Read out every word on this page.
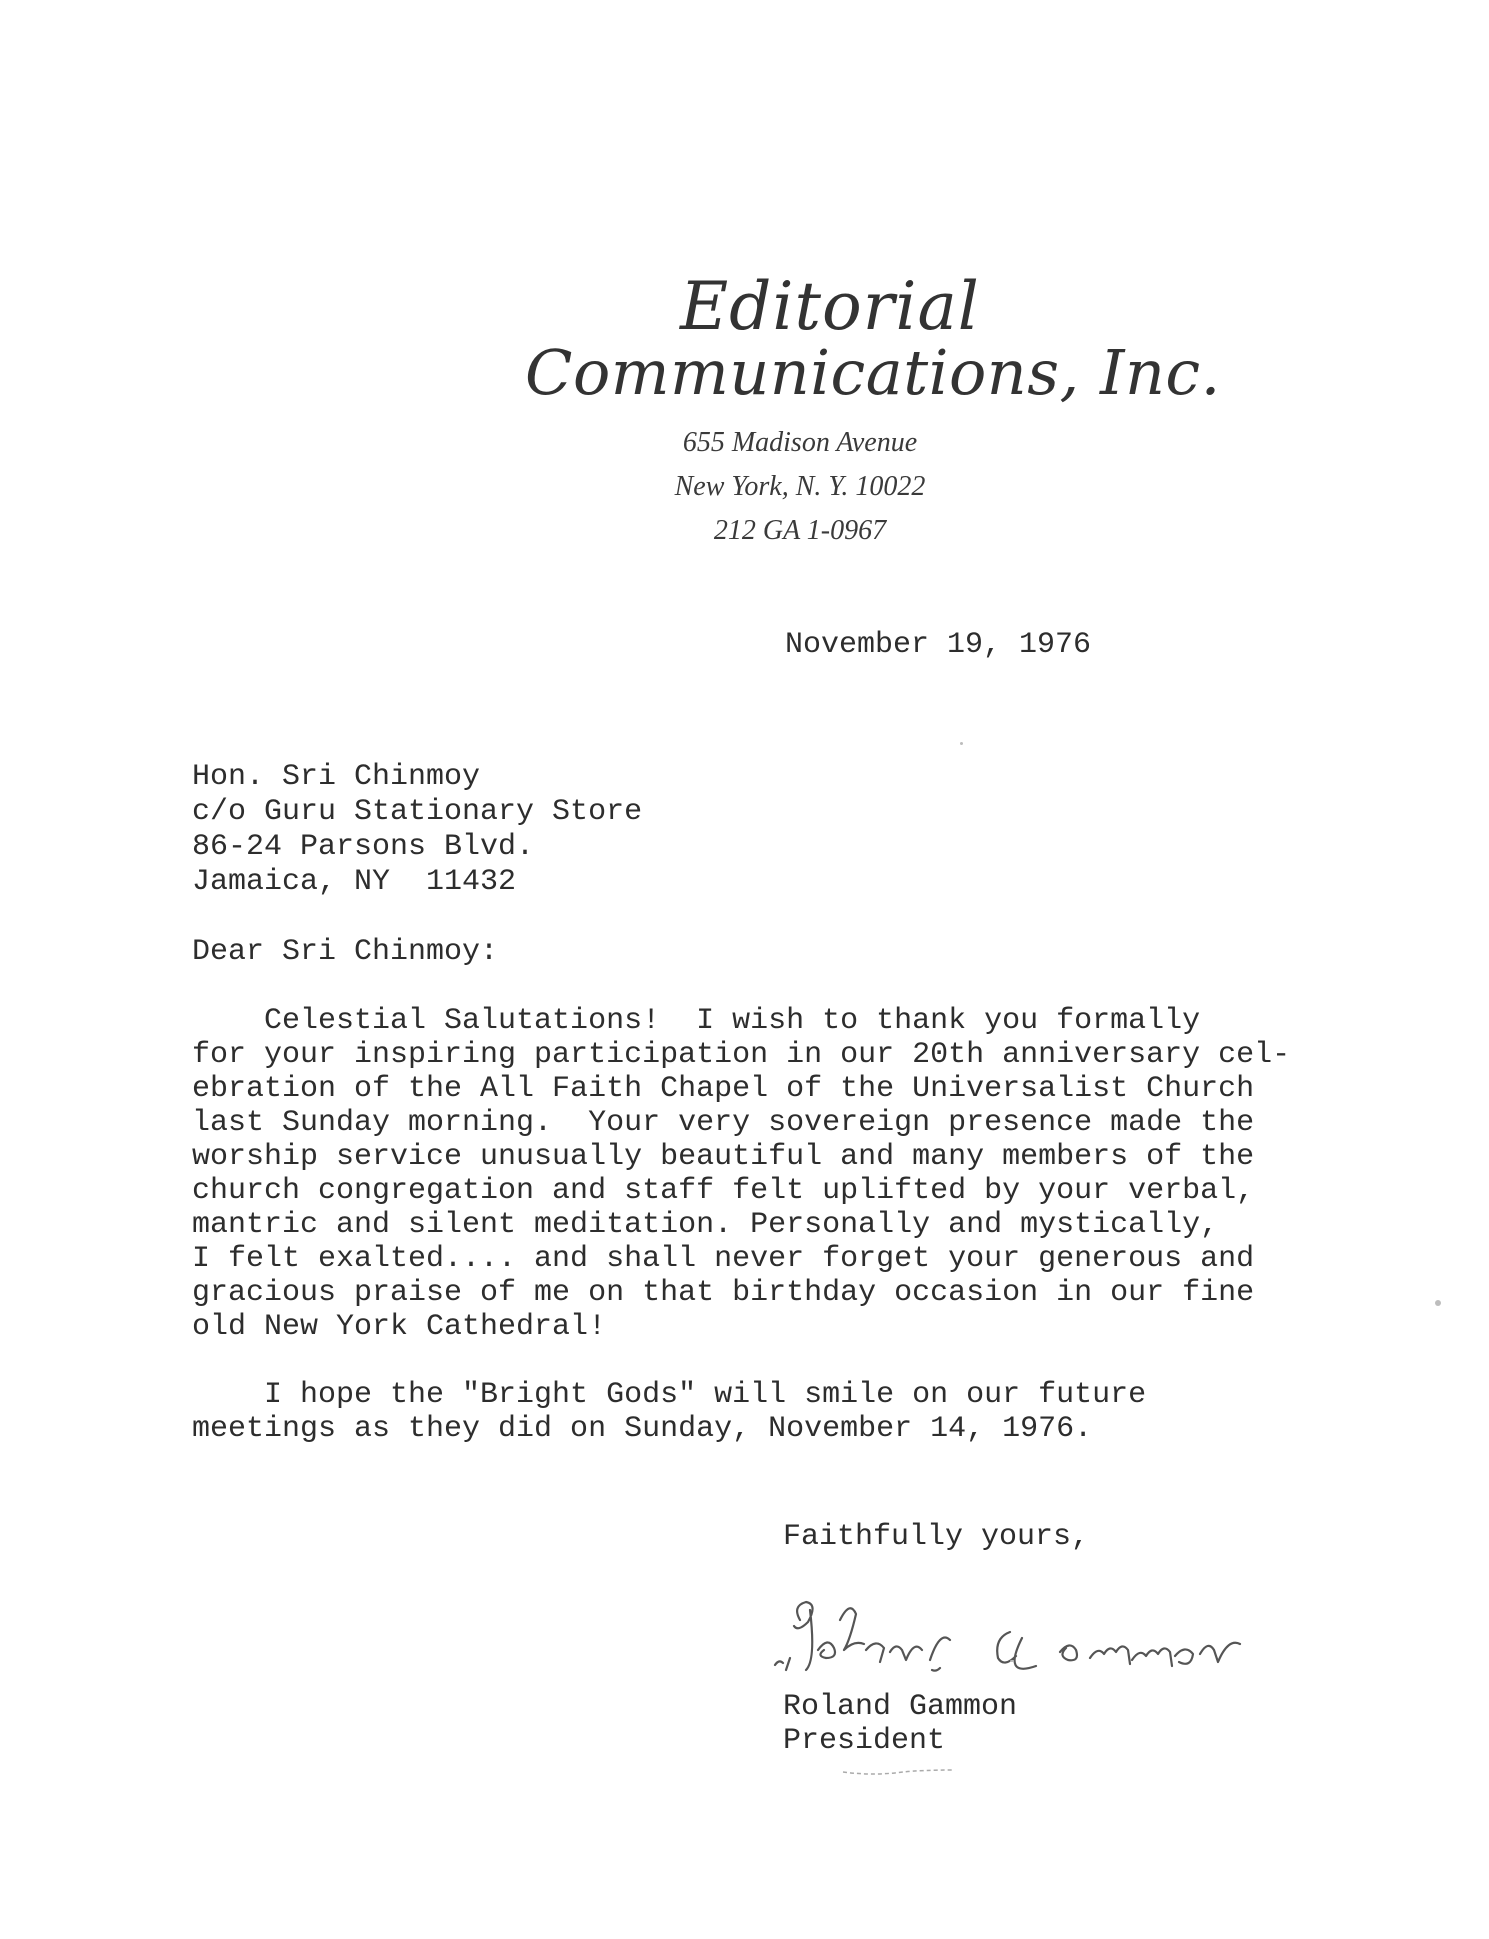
Editorial
Communications, Inc.
655 Madison Avenue
New York, N. Y. 10022
212 GA 1-0967
November 19, 1976
Hon. Sri Chinmoy
c/o Guru Stationary Store
86-24 Parsons Blvd.
Jamaica, NY  11432
Dear Sri Chinmoy:
Celestial Salutations!  I wish to thank you formally
for your inspiring participation in our 20th anniversary cel-
ebration of the All Faith Chapel of the Universalist Church
last Sunday morning.  Your very sovereign presence made the
worship service unusually beautiful and many members of the
church congregation and staff felt uplifted by your verbal,
mantric and silent meditation. Personally and mystically,
I felt exalted.... and shall never forget your generous and
gracious praise of me on that birthday occasion in our fine
old New York Cathedral!
I hope the "Bright Gods" will smile on our future
meetings as they did on Sunday, November 14, 1976.
Faithfully yours,
Roland Gammon
President
